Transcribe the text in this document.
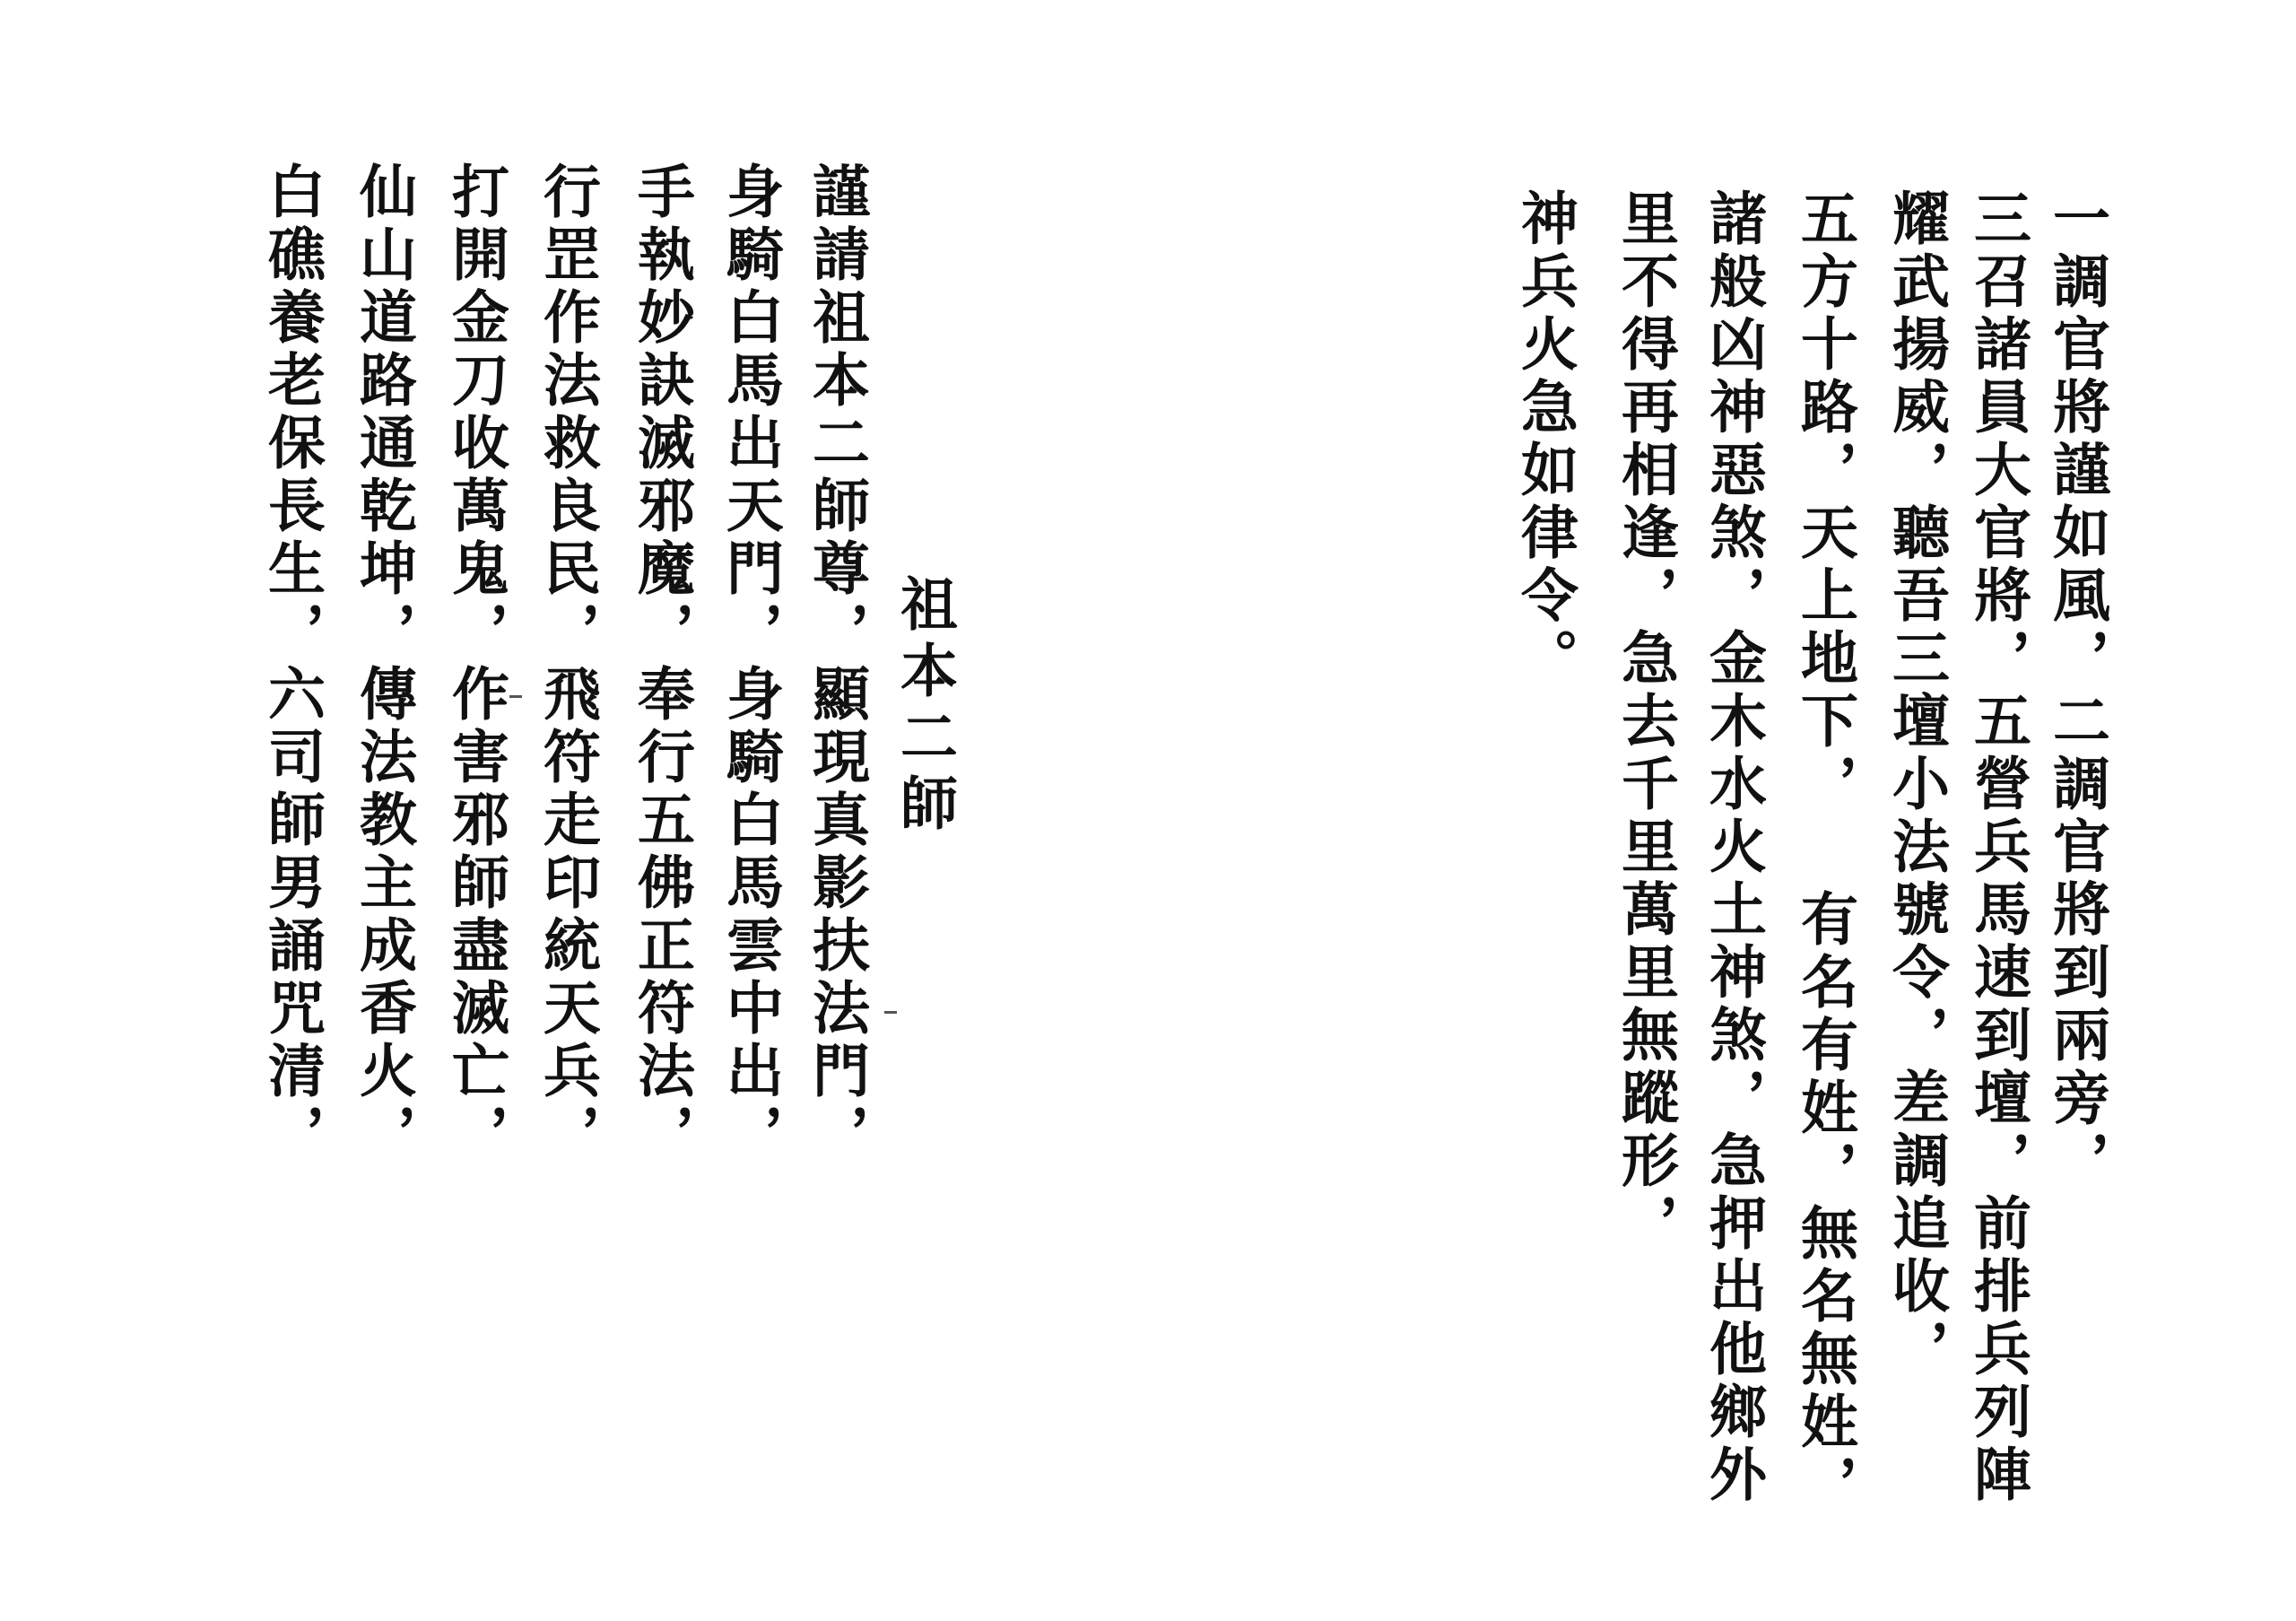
一調官將謹如風，二調官將到兩旁，
三召諸員大官將，五營兵馬速到壇，前排兵列陣
耀武揚威，聽吾三壇小法號令，差調追收，
五方十路，天上地下， 有名有姓，無名無姓，
諸般凶神惡煞，金木水火土神煞，急押出他鄉外
里不得再相逢，急去千里萬里無蹤形，
神兵火急如律令。
祖本二師
謹請祖本二師尊，顯現真影扶法門，
身騎白馬出天門，身騎白馬雲中出，
手執妙訣滅邪魔，奉行五佛正符法，
行罡作法救良民，飛符走印統天兵，
打開金刀收萬鬼，作害邪師盡滅亡，
仙山道路通乾坤，傳法教主成香火，
白礁養老保長生，六司師男誦咒清，
